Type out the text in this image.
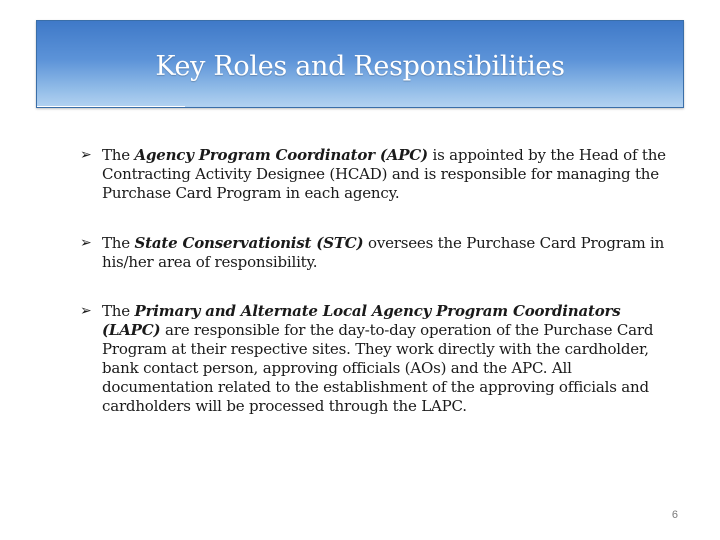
Key Roles and Responsibilities
➢ The Agency Program Coordinator (APC) is appointed by the Head of the Contracting Activity Designee (HCAD) and is responsible for managing the Purchase Card Program in each agency.
➢ The State Conservationist (STC) oversees the Purchase Card Program in his/her area of responsibility.
➢ The Primary and Alternate Local Agency Program Coordinators (LAPC) are responsible for the day-to-day operation of the Purchase Card Program at their respective sites. They work directly with the cardholder, bank contact person, approving officials (AOs) and the APC. All documentation related to the establishment of the approving officials and cardholders will be processed through the LAPC.
6
